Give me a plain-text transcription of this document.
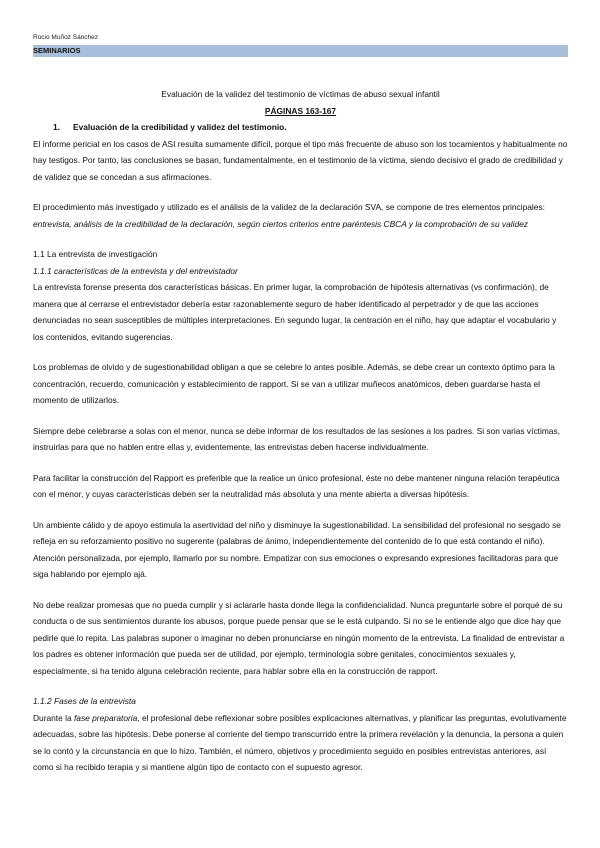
Rocio Muñoz Sánchez
SEMINARIOS

Evaluación de la validez del testimonio de víctimas de abuso sexual infantil

PÁGINAS 163-167

1. Evaluación de la credibilidad y validez del testimonio.

El informe pericial en los casos de ASI resulta sumamente difícil, porque el tipo más frecuente de abuso son los tocamientos y habitualmente no hay testigos. Por tanto, las conclusiones se basan, fundamentalmente, en el testimonio de la víctima, siendo decisivo el grado de credibilidad y de validez que se concedan a sus afirmaciones.

El procedimiento más investigado y utilizado es el análisis de la validez de la declaración SVA, se compone de tres elementos principales: entrevista, análisis de la credibilidad de la declaración, según ciertos criterios entre paréntesis CBCA y la comprobación de su validez

1.1 La entrevista de investigación

1.1.1 características de la entrevista y del entrevistador

La entrevista forense presenta dos características básicas. En primer lugar, la comprobación de hipótesis alternativas (vs confirmación), de manera que al cerrarse el entrevistador debería estar razonablemente seguro de haber identificado al perpetrador y de que las acciones denunciadas no sean susceptibles de múltiples interpretaciones. En segundo lugar, la centración en el niño, hay que adaptar el vocabulario y los contenidos, evitando sugerencias.

Los problemas de olvido y de sugestionabilidad obligan a que se celebre lo antes posible. Además, se debe crear un contexto óptimo para la concentración, recuerdo, comunicación y establecimiento de rapport. Si se van a utilizar muñecos anatómicos, deben guardarse hasta el momento de utilizarlos.

Siempre debe celebrarse a solas con el menor, nunca se debe informar de los resultados de las sesiones a los padres. Si son varias víctimas, instruirlas para que no hablen entre ellas y, evidentemente, las entrevistas deben hacerse individualmente.

Para facilitar la construcción del Rapport es preferible que la realice un único profesional, éste no debe mantener ninguna relación terapéutica con el menor, y cuyas características deben ser la neutralidad más absoluta y una mente abierta a diversas hipótesis.

Un ambiente cálido y de apoyo estimula la asertividad del niño y disminuye la sugestionabilidad. La sensibilidad del profesional no sesgado se refleja en su reforzamiento positivo no sugerente (palabras de ánimo, independientemente del contenido de lo que está contando el niño). Atención personalizada, por ejemplo, llamarlo por su nombre. Empatizar con sus emociones o expresando expresiones facilitadoras para que siga hablando por ejemplo ajá.

No debe realizar promesas que no pueda cumplir y si aclararle hasta donde llega la confidencialidad. Nunca preguntarle sobre el porqué de su conducta o de sus sentimientos durante los abusos, porque puede pensar que se le está culpando. Si no se le entiende algo que dice hay que pedirle que lo repita. Las palabras suponer o imaginar no deben pronunciarse en ningún momento de la entrevista. La finalidad de entrevistar a los padres es obtener información que pueda ser de utilidad, por ejemplo, terminología sobre genitales, conocimientos sexuales y, especialmente, si ha tenido alguna celebración reciente, para hablar sobre ella en la construcción de rapport.

1.1.2 Fases de la entrevista

Durante la fase preparatoria, el profesional debe reflexionar sobre posibles explicaciones alternativas, y planificar las preguntas, evolutivamente adecuadas, sobre las hipótesis. Debe ponerse al corriente del tiempo transcurrido entre la primera revelación y la denuncia, la persona a quien se lo contó y la circunstancia en que lo hizo. También, el número, objetivos y procedimiento seguido en posibles entrevistas anteriores, así como si ha recibido terapia y si mantiene algún tipo de contacto con el supuesto agresor.
